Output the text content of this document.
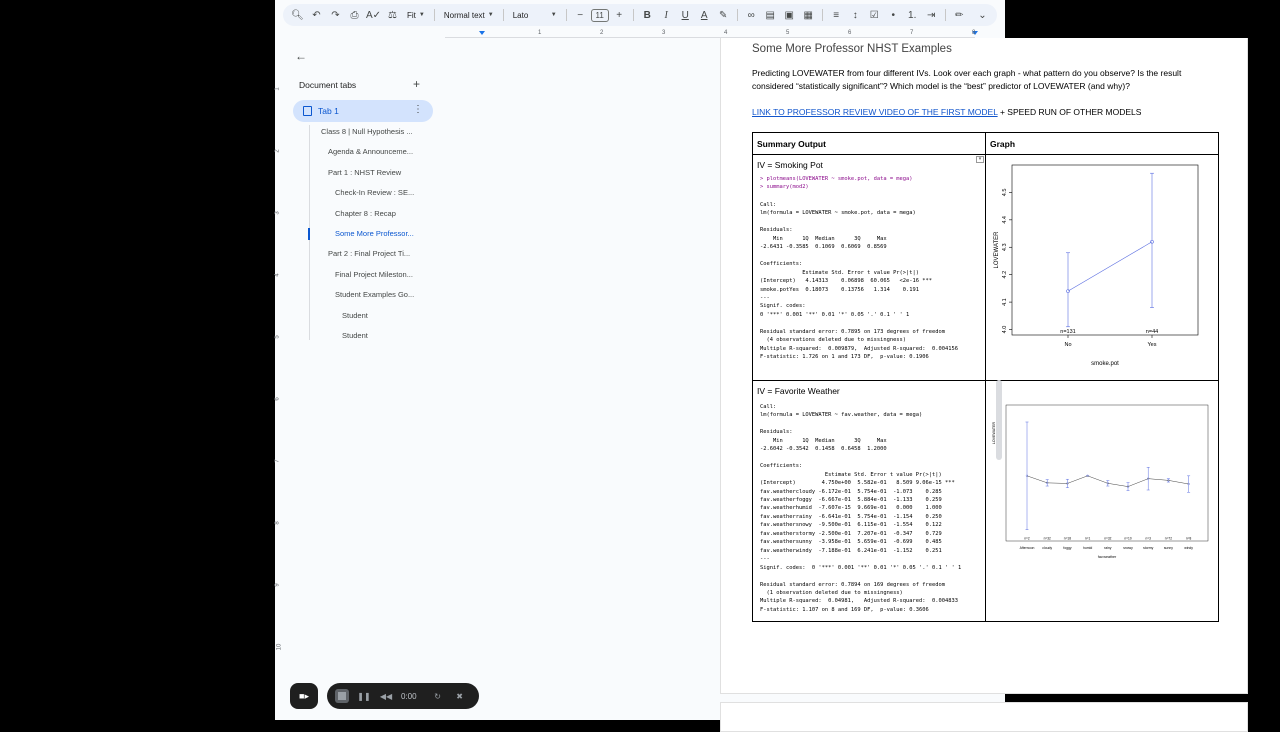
🔍︎ ↶	↷	⎙ A✓ ⚖	Fit ▼ Normal text ▼ Lato	▼	−	11	+	B	I	U	A	✎	∞	▤ ▣ ▦	≡	↕	☑	•	1.	⇥	✏	⌄
1	2	3	4	5	6	7	8
1
2
3
4
5
6
7
8
9
10
←
Document tabs	+
Tab 1	⋮
Class 8 | Null Hypothesis ...
Agenda & Announceme...
Part 1 : NHST Review
Check-In Review : SE...
Chapter 8 : Recap
Some More Professor...
Part 2 : Final Project Ti...
Final Project Mileston...
Student Examples Go...
Student
Student
Some More Professor NHST Examples
Predicting LOVEWATER from four different IVs. Look over each graph - what pattern do you observe? Is the result considered “statistically significant”? Which model is the “best” predictor of LOVEWATER (and why)?
LINK TO PROFESSOR REVIEW VIDEO OF THE FIRST MODEL + SPEED RUN OF OTHER MODELS
Summary Output	Graph
IV = Smoking Pot
▾
> plotmeans(LOVEWATER ~ smoke.pot, data = mega)
> summary(mod2)
Call:
lm(formula = LOVEWATER ~ smoke.pot, data = mega)

Residuals:
Min      1Q  Median      3Q     Max
-2.6431 -0.3585  0.1069  0.6069  0.8569

Coefficients:
Estimate Std. Error t value Pr(>|t|)
(Intercept)   4.14313    0.06898  60.065   <2e-16 ***
smoke.potYes  0.18073    0.13756   1.314    0.191
---
Signif. codes:
0 '***' 0.001 '**' 0.01 '*' 0.05 '.' 0.1 ' ' 1

Residual standard error: 0.7895 on 173 degrees of freedom
(4 observations deleted due to missingness)
Multiple R-squared:  0.009879,  Adjusted R-squared:  0.004156
F-statistic: 1.726 on 1 and 173 DF,  p-value: 0.1906
4.0
4.1
4.2
4.3
4.4
4.5
No
n=131
Yes
n=44
LOVEWATER
smoke.pot
IV = Favorite Weather
Call:
lm(formula = LOVEWATER ~ fav.weather, data = mega)

Residuals:
Min      1Q  Median      3Q     Max
-2.6042 -0.3542  0.1458  0.6458  1.2000

Coefficients:
Estimate Std. Error t value Pr(>|t|)
(Intercept)        4.750e+00  5.582e-01   8.509 9.06e-15 ***
fav.weathercloudy -6.172e-01  5.754e-01  -1.073    0.285
fav.weatherfoggy  -6.667e-01  5.884e-01  -1.133    0.259
fav.weatherhumid  -7.607e-15  9.669e-01   0.000    1.000
fav.weatherrainy  -6.641e-01  5.754e-01  -1.154    0.250
fav.weathersnowy  -9.500e-01  6.115e-01  -1.554    0.122
fav.weatherstormy -2.500e-01  7.207e-01  -0.347    0.729
fav.weathersunny  -3.958e-01  5.659e-01  -0.699    0.485
fav.weatherwindy  -7.188e-01  6.241e-01  -1.152    0.251
---
Signif. codes:  0 '***' 0.001 '**' 0.01 '*' 0.05 '.' 0.1 ' ' 1

Residual standard error: 0.7894 on 169 degrees of freedom
(1 observation deleted due to missingness)
Multiple R-squared:  0.04981,   Adjusted R-squared:  0.004833
F-statistic: 1.107 on 8 and 169 DF,  p-value: 0.3606
Afternoon
n=2
cloudy
n=32
foggy
n=18
humid
n=1
rainy
n=32
snowy
n=10
stormy
n=3
sunny
n=72
windy
n=8
LOVEWATER
fav.weather
■▸	❚❚ ◀◀ 0:00	↻	✖
